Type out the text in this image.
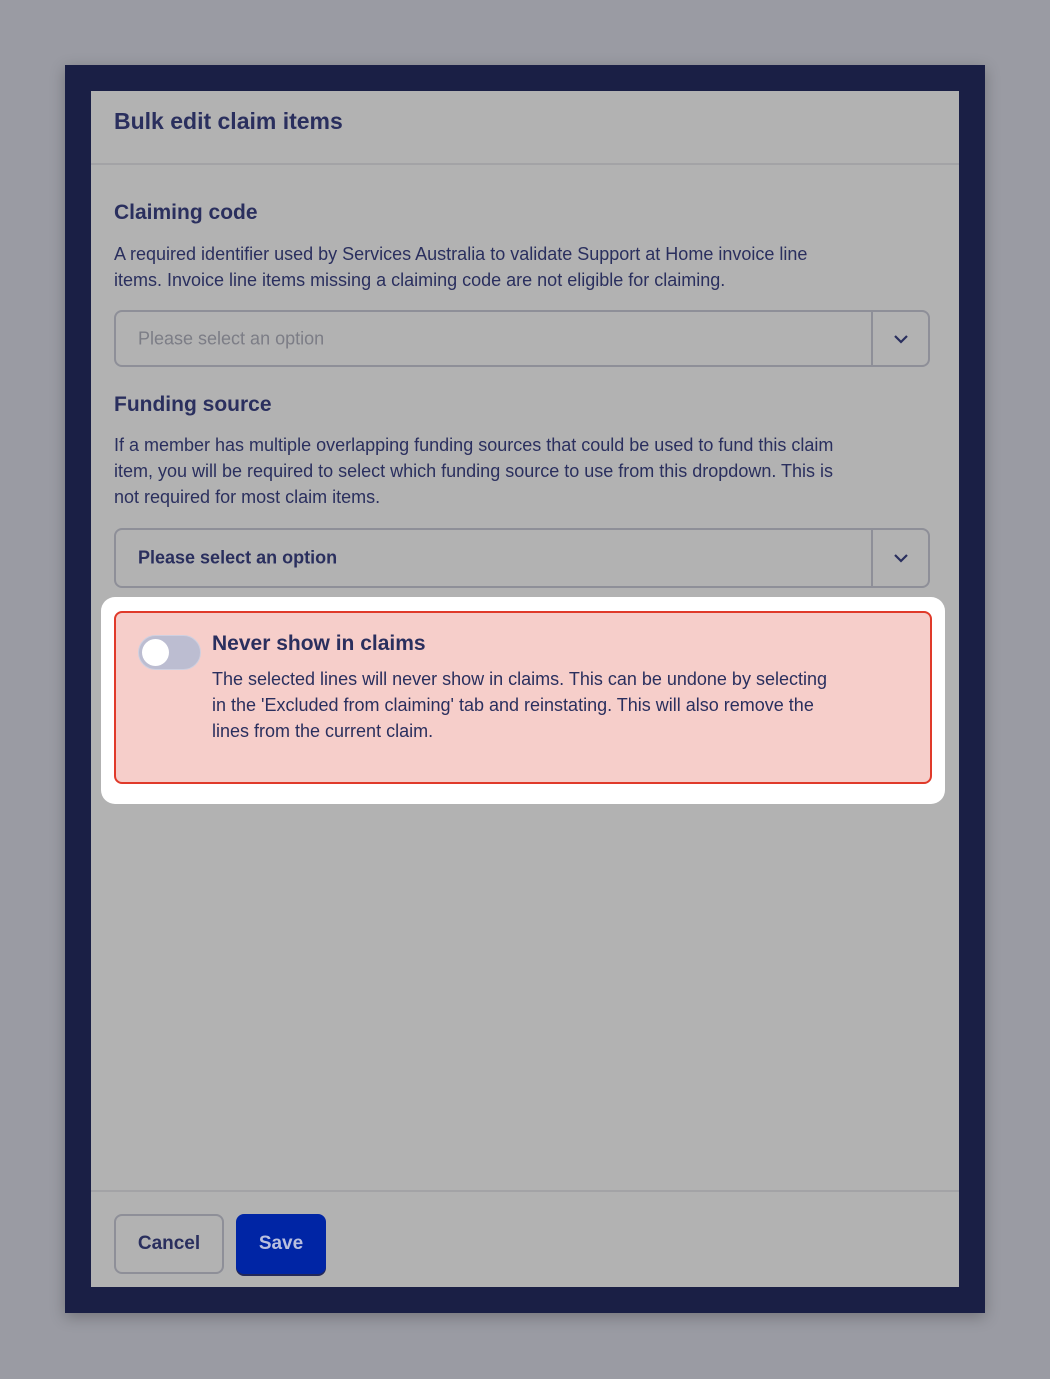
Bulk edit claim items
Claiming code

A required identifier used by Services Australia to validate Support at Home invoice line items. Invoice line items missing a claiming code are not eligible for claiming.

Please select an option
Funding source

If a member has multiple overlapping funding sources that could be used to fund this claim item, you will be required to select which funding source to use from this dropdown. This is not required for most claim items.

Please select an option
Never show in claims

The selected lines will never show in claims. This can be undone by selecting in the 'Excluded from claiming' tab and reinstating. This will also remove the lines from the current claim.

Cancel	Save
